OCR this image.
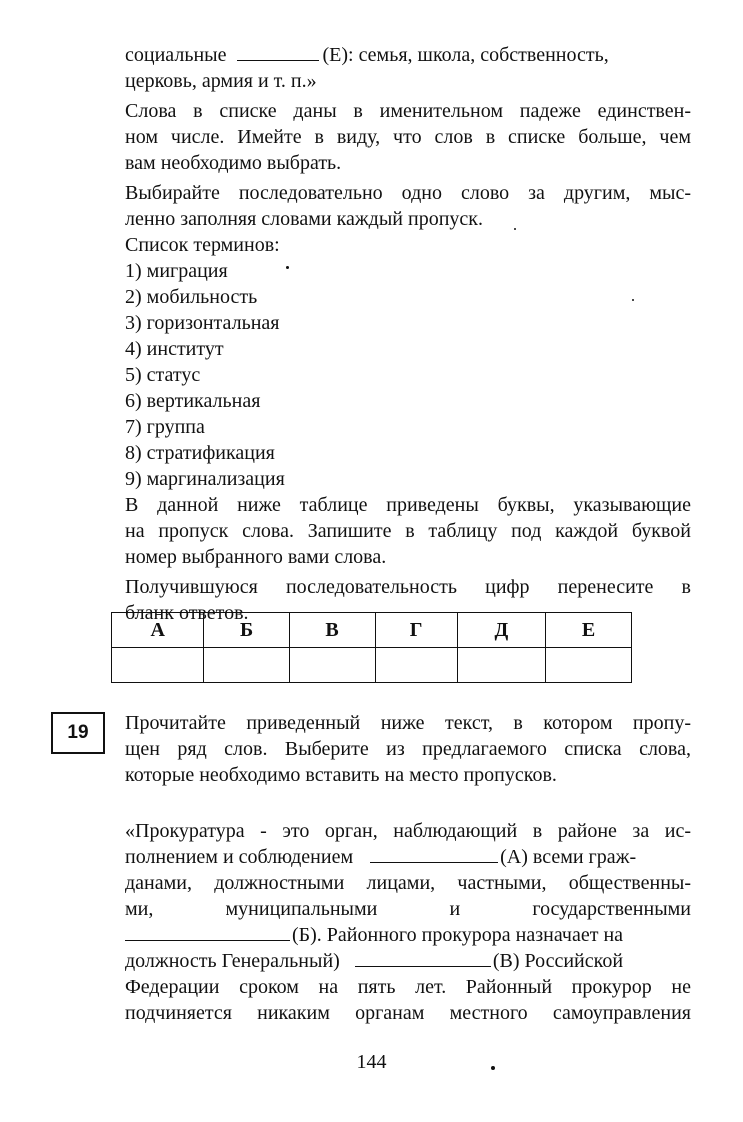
социальные	(Е): семья, школа, собственность,
церковь, армия и т. п.»
Слова в списке даны в именительном падеже единствен-
ном числе. Имейте в виду, что слов в списке больше, чем
вам необходимо выбрать.
Выбирайте последовательно одно слово за другим, мыс-
ленно заполняя словами каждый пропуск.
Список терминов:
1) миграция
2) мобильность
3) горизонтальная
4) институт
5) статус
6) вертикальная
7) группа
8) стратификация
9) маргинализация
В данной ниже таблице приведены буквы, указывающие
на пропуск слова. Запишите в таблицу под каждой буквой
номер выбранного вами слова.
Получившуюся последовательность цифр перенесите в
бланк ответов.
А	Б	В	Г	Д	Е

19	Прочитайте приведенный ниже текст, в котором пропу-
щен ряд слов. Выберите из предлагаемого списка слова,
которые необходимо вставить на место пропусков.
«Прокуратура - это орган, наблюдающий в районе за ис-
полнением и соблюдением	(А) всеми граж-
данами, должностными лицами, частными, общественны-
ми,          муниципальными          и          государственными
(Б). Районного прокурора назначает на
должность Генеральный)	(В) Российской
Федерации сроком на пять лет. Районный прокурор не
подчиняется никаким органам местного самоуправления
144
